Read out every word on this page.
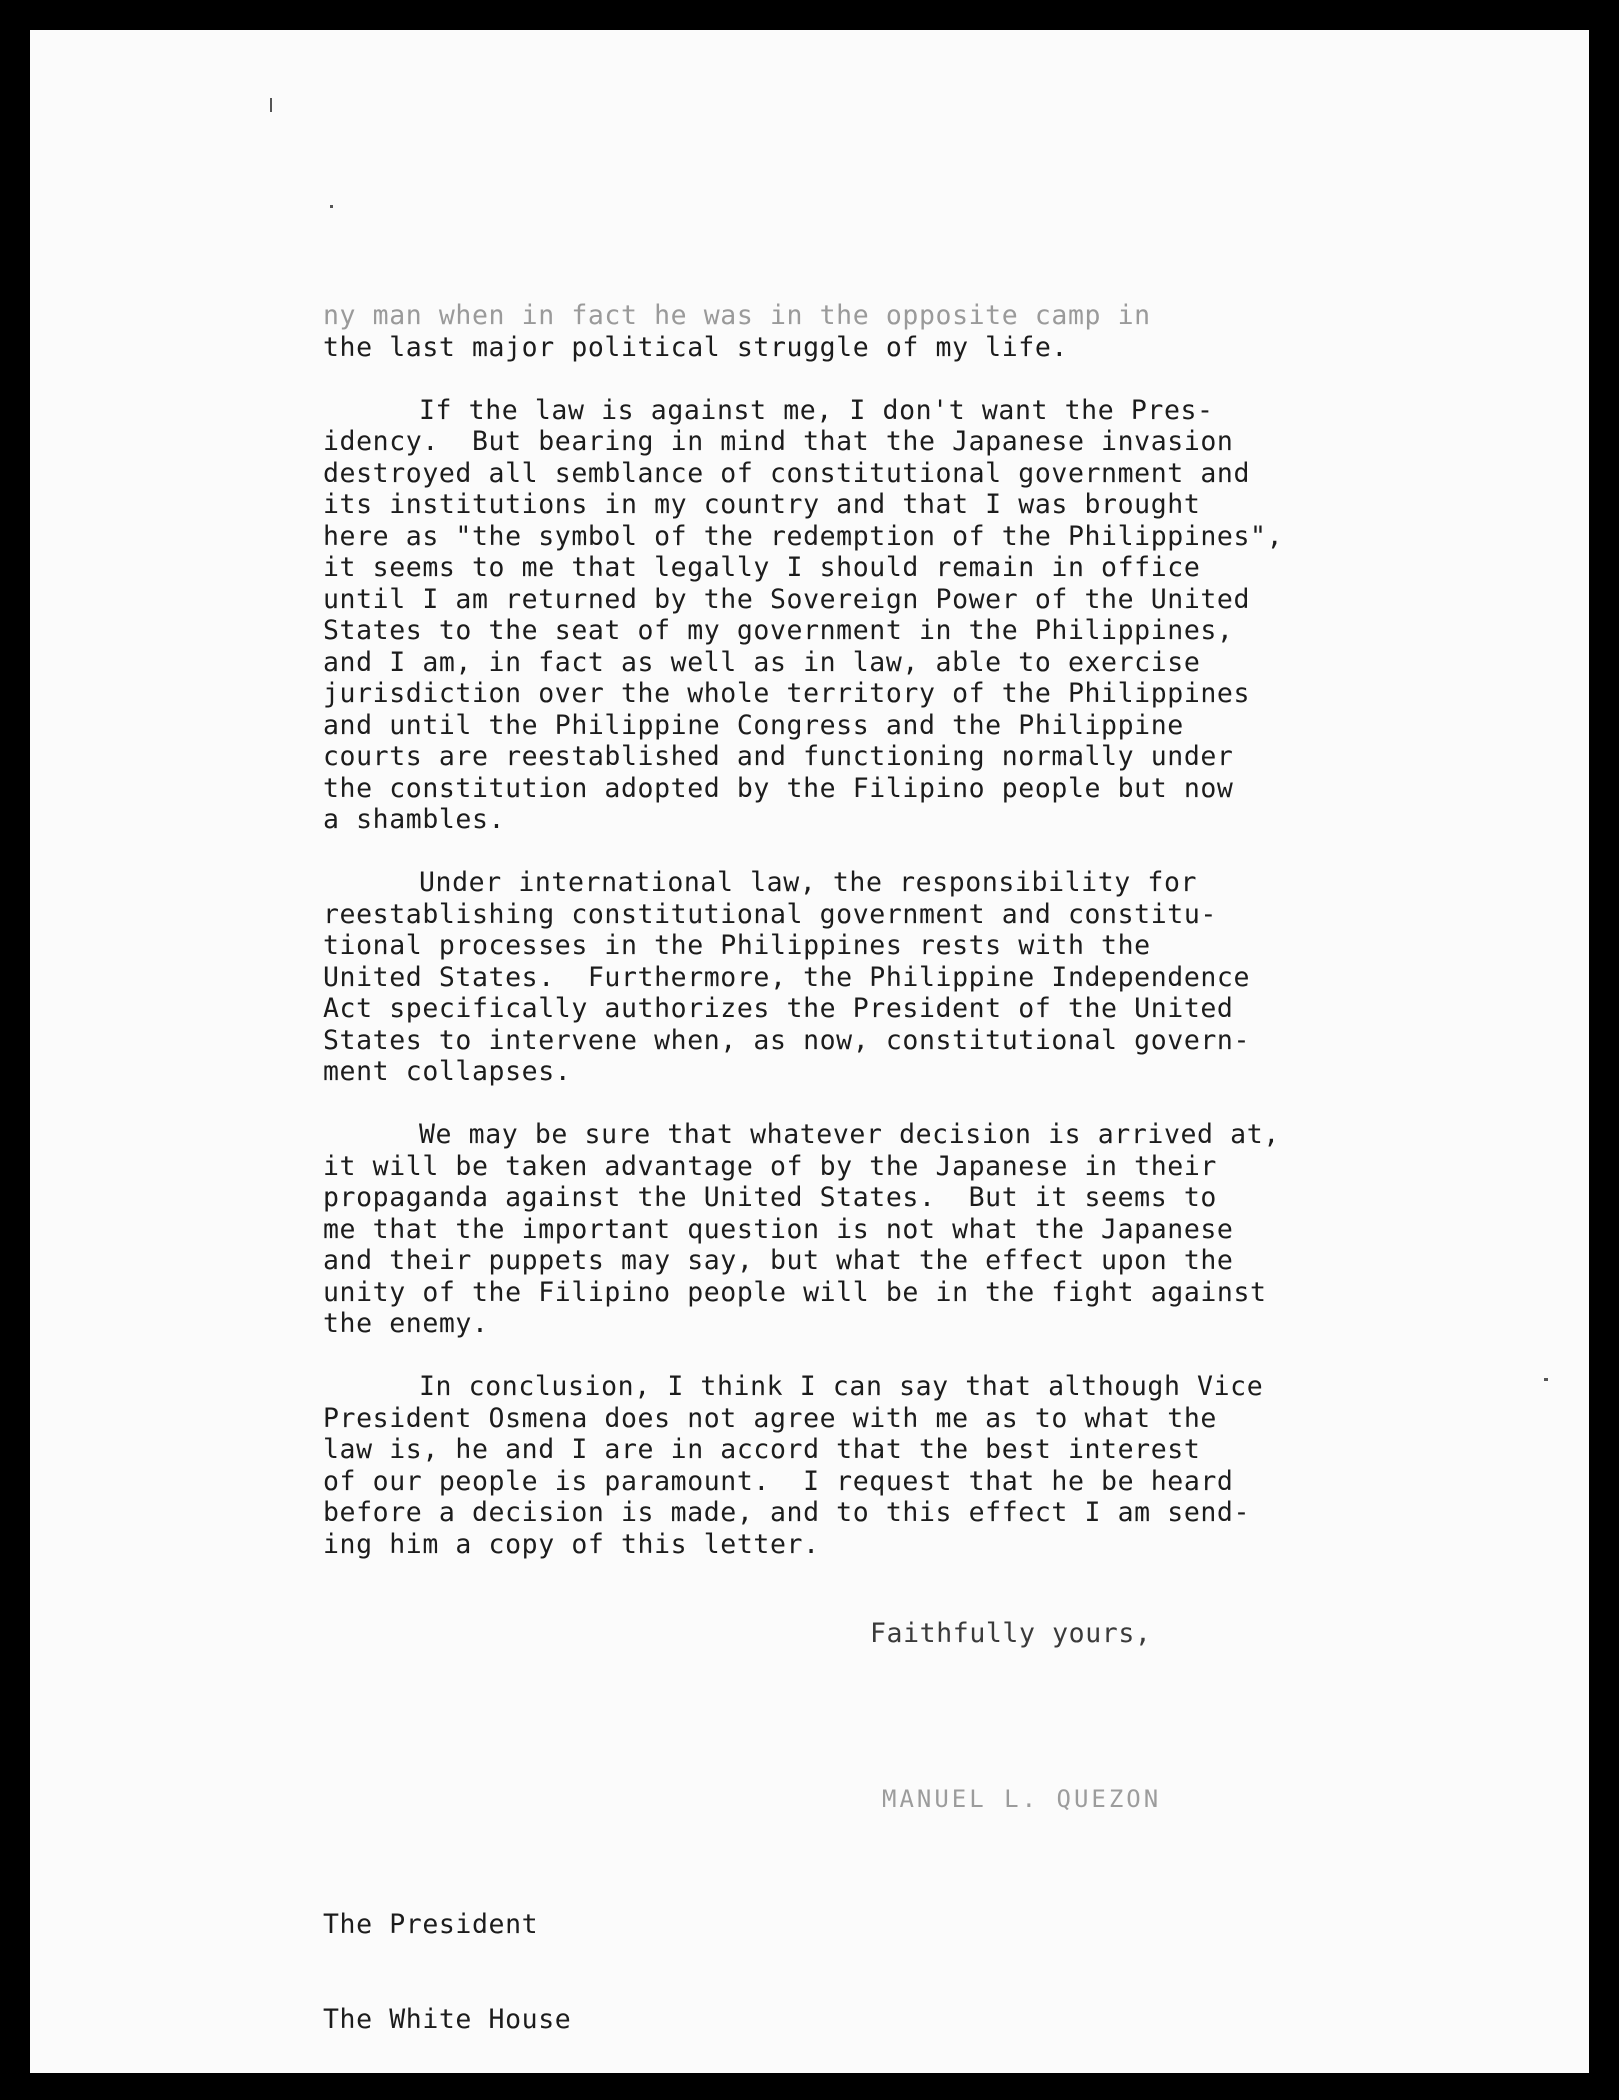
ny man when in fact he was in the opposite camp in
the last major political struggle of my life.
If the law is against me, I don't want the Pres-
idency.  But bearing in mind that the Japanese invasion
destroyed all semblance of constitutional government and
its institutions in my country and that I was brought
here as "the symbol of the redemption of the Philippines",
it seems to me that legally I should remain in office
until I am returned by the Sovereign Power of the United
States to the seat of my government in the Philippines,
and I am, in fact as well as in law, able to exercise
jurisdiction over the whole territory of the Philippines
and until the Philippine Congress and the Philippine
courts are reestablished and functioning normally under
the constitution adopted by the Filipino people but now
a shambles.
Under international law, the responsibility for
reestablishing constitutional government and constitu-
tional processes in the Philippines rests with the
United States.  Furthermore, the Philippine Independence
Act specifically authorizes the President of the United
States to intervene when, as now, constitutional govern-
ment collapses.
We may be sure that whatever decision is arrived at,
it will be taken advantage of by the Japanese in their
propaganda against the United States.  But it seems to
me that the important question is not what the Japanese
and their puppets may say, but what the effect upon the
unity of the Filipino people will be in the fight against
the enemy.
In conclusion, I think I can say that although Vice
President Osmena does not agree with me as to what the
law is, he and I are in accord that the best interest
of our people is paramount.  I request that he be heard
before a decision is made, and to this effect I am send-
ing him a copy of this letter.
Faithfully yours,
MANUEL L. QUEZON

The President

The White House
